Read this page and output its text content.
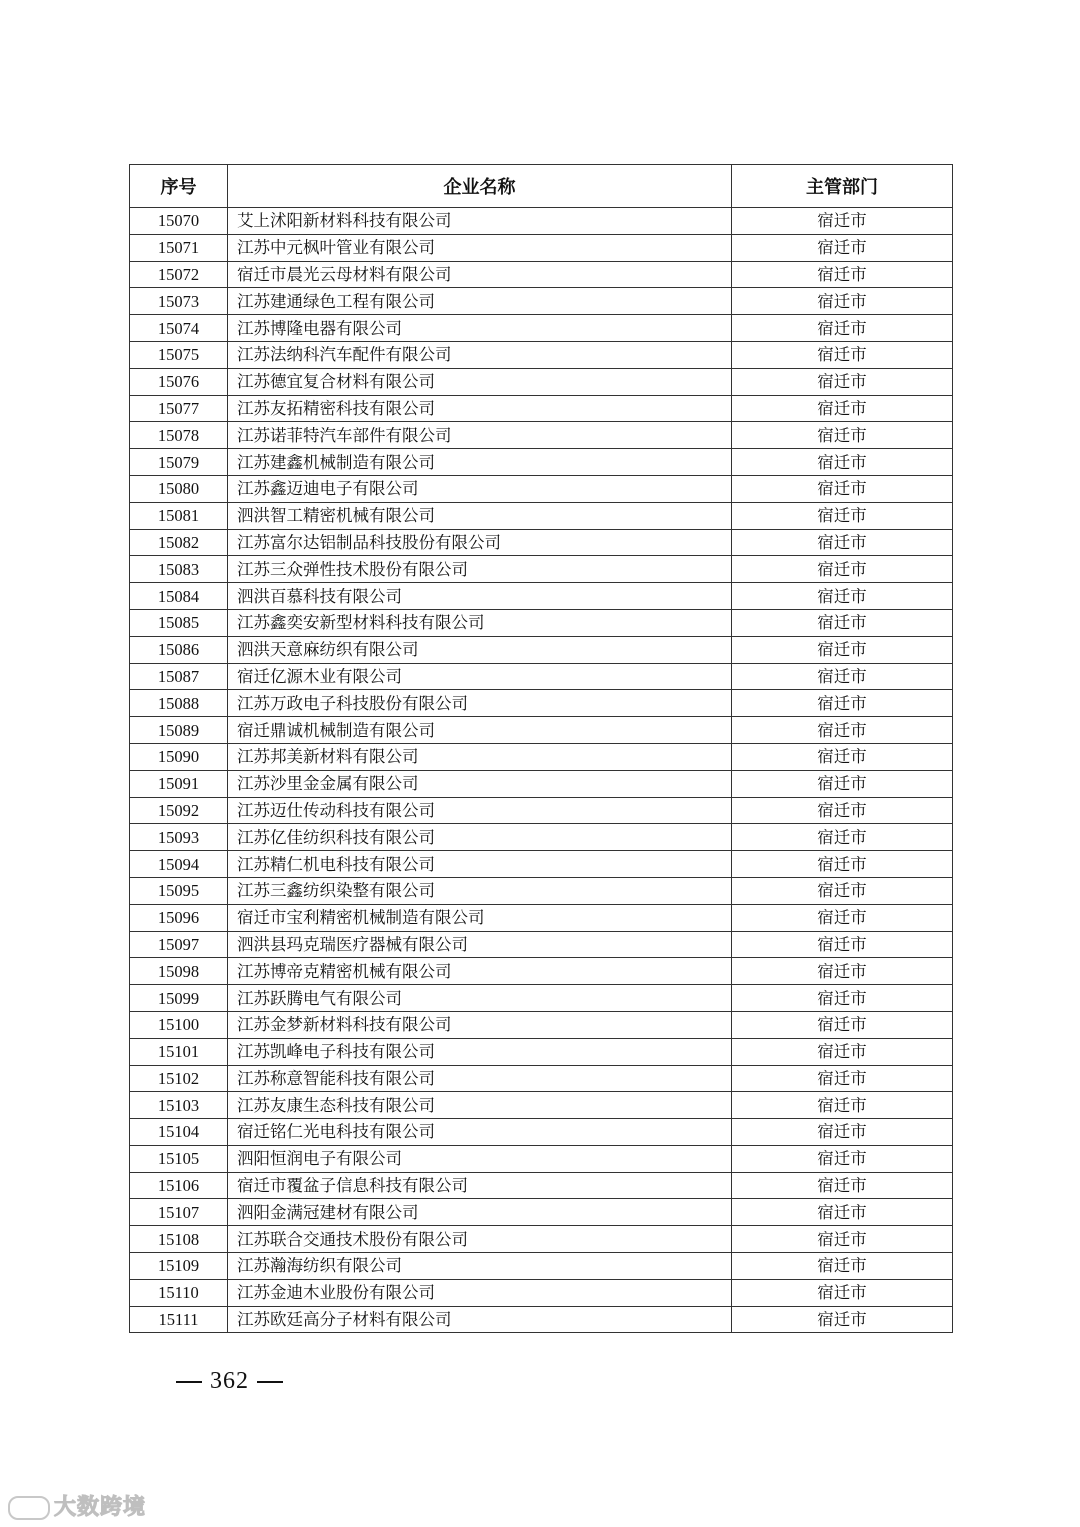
序号	企业名称	主管部门
15070	艾上沭阳新材料科技有限公司	宿迁市
15071	江苏中元枫叶管业有限公司	宿迁市
15072	宿迁市晨光云母材料有限公司	宿迁市
15073	江苏建通绿色工程有限公司	宿迁市
15074	江苏博隆电器有限公司	宿迁市
15075	江苏法纳科汽车配件有限公司	宿迁市
15076	江苏德宜复合材料有限公司	宿迁市
15077	江苏友拓精密科技有限公司	宿迁市
15078	江苏诺菲特汽车部件有限公司	宿迁市
15079	江苏建鑫机械制造有限公司	宿迁市
15080	江苏鑫迈迪电子有限公司	宿迁市
15081	泗洪智工精密机械有限公司	宿迁市
15082	江苏富尔达铝制品科技股份有限公司	宿迁市
15083	江苏三众弹性技术股份有限公司	宿迁市
15084	泗洪百慕科技有限公司	宿迁市
15085	江苏鑫奕安新型材料科技有限公司	宿迁市
15086	泗洪天意麻纺织有限公司	宿迁市
15087	宿迁亿源木业有限公司	宿迁市
15088	江苏万政电子科技股份有限公司	宿迁市
15089	宿迁鼎诚机械制造有限公司	宿迁市
15090	江苏邦美新材料有限公司	宿迁市
15091	江苏沙里金金属有限公司	宿迁市
15092	江苏迈仕传动科技有限公司	宿迁市
15093	江苏亿佳纺织科技有限公司	宿迁市
15094	江苏精仁机电科技有限公司	宿迁市
15095	江苏三鑫纺织染整有限公司	宿迁市
15096	宿迁市宝利精密机械制造有限公司	宿迁市
15097	泗洪县玛克瑞医疗器械有限公司	宿迁市
15098	江苏博帝克精密机械有限公司	宿迁市
15099	江苏跃腾电气有限公司	宿迁市
15100	江苏金梦新材料科技有限公司	宿迁市
15101	江苏凯峰电子科技有限公司	宿迁市
15102	江苏称意智能科技有限公司	宿迁市
15103	江苏友康生态科技有限公司	宿迁市
15104	宿迁铭仁光电科技有限公司	宿迁市
15105	泗阳恒润电子有限公司	宿迁市
15106	宿迁市覆盆子信息科技有限公司	宿迁市
15107	泗阳金满冠建材有限公司	宿迁市
15108	江苏联合交通技术股份有限公司	宿迁市
15109	江苏瀚海纺织有限公司	宿迁市
15110	江苏金迪木业股份有限公司	宿迁市
15111	江苏欧廷高分子材料有限公司	宿迁市
362
大数跨境
